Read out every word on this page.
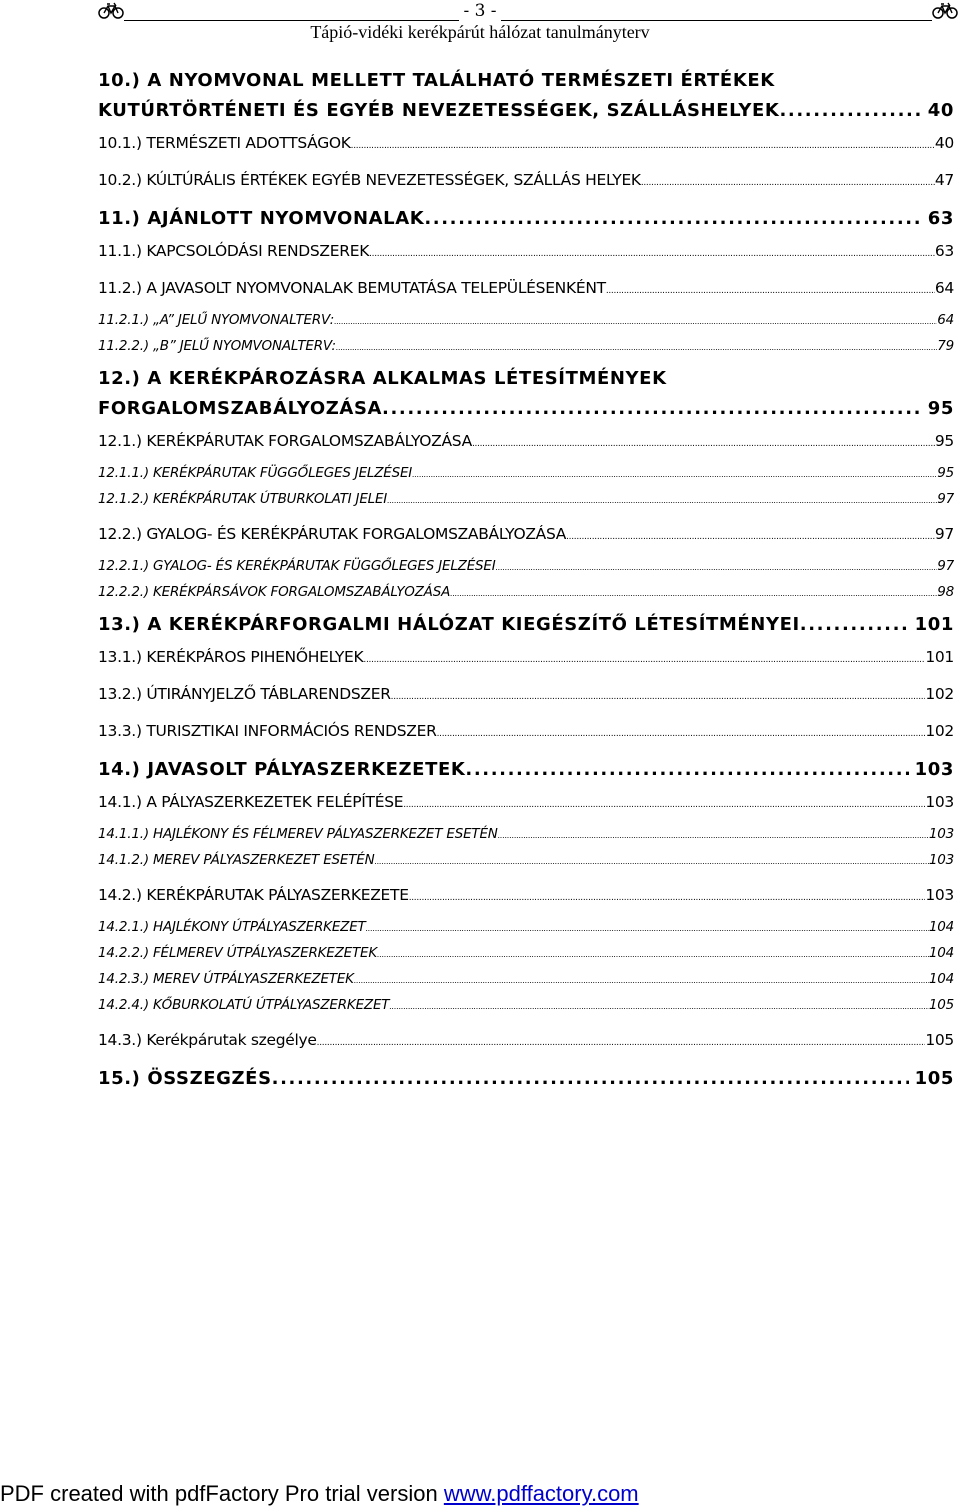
- 3 -
Tápió-vidéki kerékpárút hálózat tanulmányterv
10.) A NYOMVONAL MELLETT TALÁLHATÓ TERMÉSZETI ÉRTÉKEK
KUTÚRTÖRTÉNETI ÉS EGYÉB NEVEZETESSÉGEK, SZÁLLÁSHELYEK .....	40
10.1.) TERMÉSZETI ADOTTSÁGOK .....	40
10.2.) KÚLTÚRÁLIS ÉRTÉKEK EGYÉB NEVEZETESSÉGEK, SZÁLLÁS HELYEK .....	47
11.) AJÁNLOTT NYOMVONALAK .....	63
11.1.) KAPCSOLÓDÁSI RENDSZEREK .....	63
11.2.) A JAVASOLT NYOMVONALAK BEMUTATÁSA TELEPÜLÉSENKÉNT .....	64
11.2.1.) „A” JELŰ NYOMVONALTERV: .....	64
11.2.2.) „B” JELŰ NYOMVONALTERV: .....	79
12.) A KERÉKPÁROZÁSRA ALKALMAS LÉTESÍTMÉNYEK
FORGALOMSZABÁLYOZÁSA .....	95
12.1.) KERÉKPÁRUTAK FORGALOMSZABÁLYOZÁSA .....	95
12.1.1.) KERÉKPÁRUTAK FÜGGŐLEGES JELZÉSEI .....	95
12.1.2.) KERÉKPÁRUTAK ÚTBURKOLATI JELEI .....	97
12.2.) GYALOG- ÉS KERÉKPÁRUTAK FORGALOMSZABÁLYOZÁSA .....	97
12.2.1.) GYALOG- ÉS KERÉKPÁRUTAK FÜGGŐLEGES JELZÉSEI .....	97
12.2.2.) KERÉKPÁRSÁVOK FORGALOMSZABÁLYOZÁSA .....	98
13.) A KERÉKPÁRFORGALMI HÁLÓZAT KIEGÉSZÍTŐ LÉTESÍTMÉNYEI .....	101
13.1.) KERÉKPÁROS PIHENŐHELYEK .....	101
13.2.) ÚTIRÁNYJELZŐ TÁBLARENDSZER .....	102
13.3.) TURISZTIKAI INFORMÁCIÓS RENDSZER .....	102
14.) JAVASOLT PÁLYASZERKEZETEK .....	103
14.1.) A PÁLYASZERKEZETEK FELÉPÍTÉSE .....	103
14.1.1.) HAJLÉKONY ÉS FÉLMEREV PÁLYASZERKEZET ESETÉN .....	103
14.1.2.) MEREV PÁLYASZERKEZET ESETÉN .....	103
14.2.) KERÉKPÁRUTAK PÁLYASZERKEZETE .....	103
14.2.1.) HAJLÉKONY ÚTPÁLYASZERKEZET .....	104
14.2.2.) FÉLMEREV ÚTPÁLYASZERKEZETEK .....	104
14.2.3.) MEREV ÚTPÁLYASZERKEZETEK .....	104
14.2.4.) KŐBURKOLATÚ ÚTPÁLYASZERKEZET .....	105
14.3.) Kerékpárutak szegélye .....	105
15.) ÖSSZEGZÉS .....	105
PDF created with pdfFactory Pro trial version www.pdffactory.com
